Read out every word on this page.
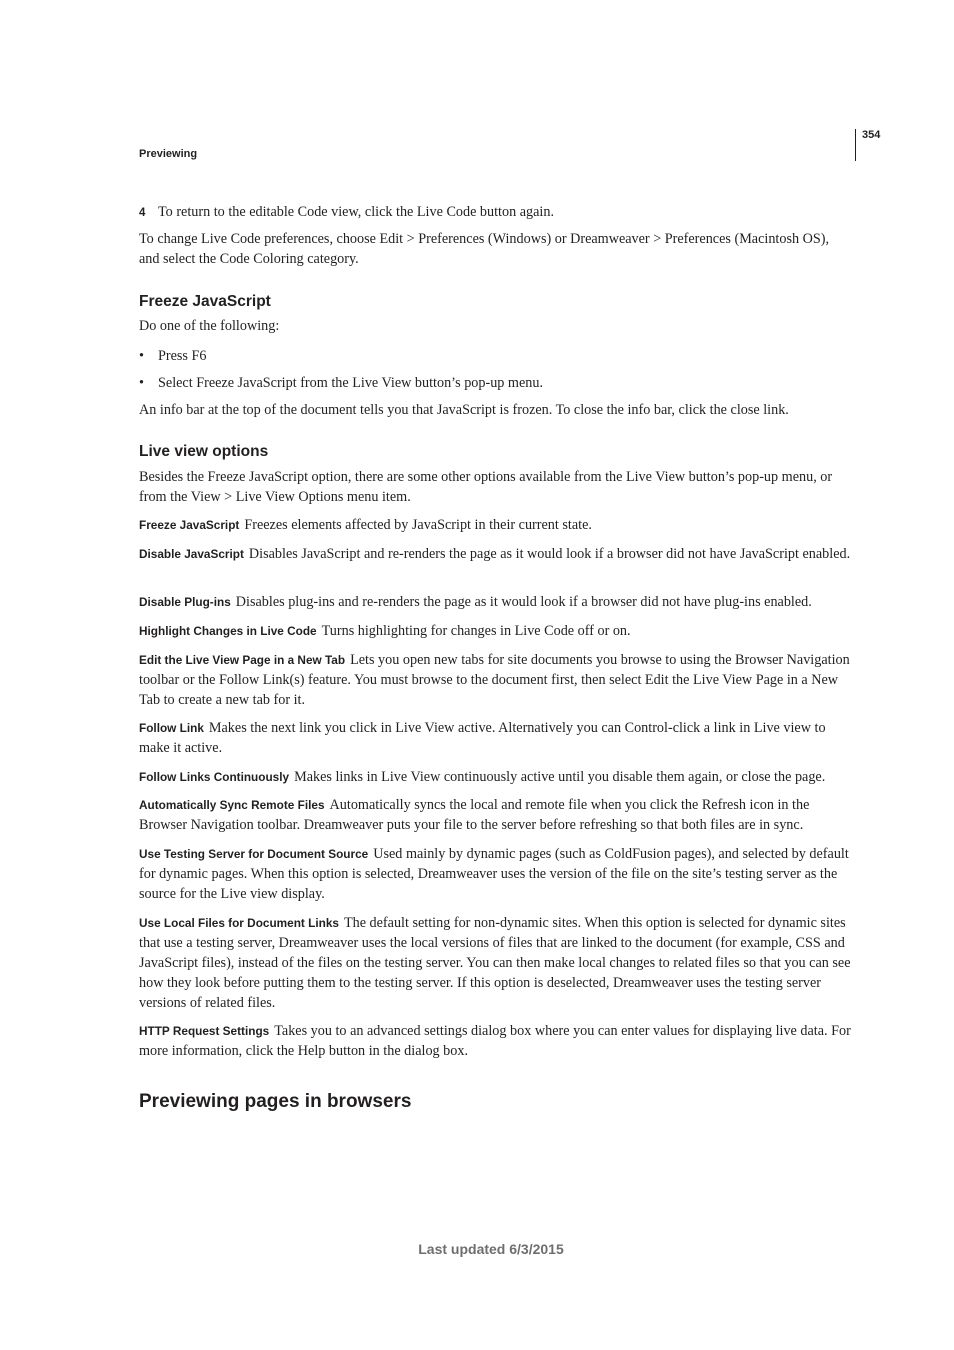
354
Previewing

4 To return to the editable Code view, click the Live Code button again.

To change Live Code preferences, choose Edit > Preferences (Windows) or Dreamweaver > Preferences (Macintosh OS), and select the Code Coloring category.

Freeze JavaScript

Do one of the following:

• Press F6
• Select Freeze JavaScript from the Live View button’s pop-up menu.

An info bar at the top of the document tells you that JavaScript is frozen. To close the info bar, click the close link.

Live view options

Besides the Freeze JavaScript option, there are some other options available from the Live View button’s pop-up menu, or from the View > Live View Options menu item.

Freeze JavaScript Freezes elements affected by JavaScript in their current state.

Disable JavaScript Disables JavaScript and re-renders the page as it would look if a browser did not have JavaScript enabled.

Disable Plug-ins Disables plug-ins and re-renders the page as it would look if a browser did not have plug-ins enabled.

Highlight Changes in Live Code Turns highlighting for changes in Live Code off or on.

Edit the Live View Page in a New Tab Lets you open new tabs for site documents you browse to using the Browser Navigation toolbar or the Follow Link(s) feature. You must browse to the document first, then select Edit the Live View Page in a New Tab to create a new tab for it.

Follow Link Makes the next link you click in Live View active. Alternatively you can Control-click a link in Live view to make it active.

Follow Links Continuously Makes links in Live View continuously active until you disable them again, or close the page.

Automatically Sync Remote Files Automatically syncs the local and remote file when you click the Refresh icon in the Browser Navigation toolbar. Dreamweaver puts your file to the server before refreshing so that both files are in sync.

Use Testing Server for Document Source Used mainly by dynamic pages (such as ColdFusion pages), and selected by default for dynamic pages. When this option is selected, Dreamweaver uses the version of the file on the site’s testing server as the source for the Live view display.

Use Local Files for Document Links The default setting for non-dynamic sites. When this option is selected for dynamic sites that use a testing server, Dreamweaver uses the local versions of files that are linked to the document (for example, CSS and JavaScript files), instead of the files on the testing server. You can then make local changes to related files so that you can see how they look before putting them to the testing server. If this option is deselected, Dreamweaver uses the testing server versions of related files.

HTTP Request Settings Takes you to an advanced settings dialog box where you can enter values for displaying live data. For more information, click the Help button in the dialog box.

Previewing pages in browsers
Last updated 6/3/2015
